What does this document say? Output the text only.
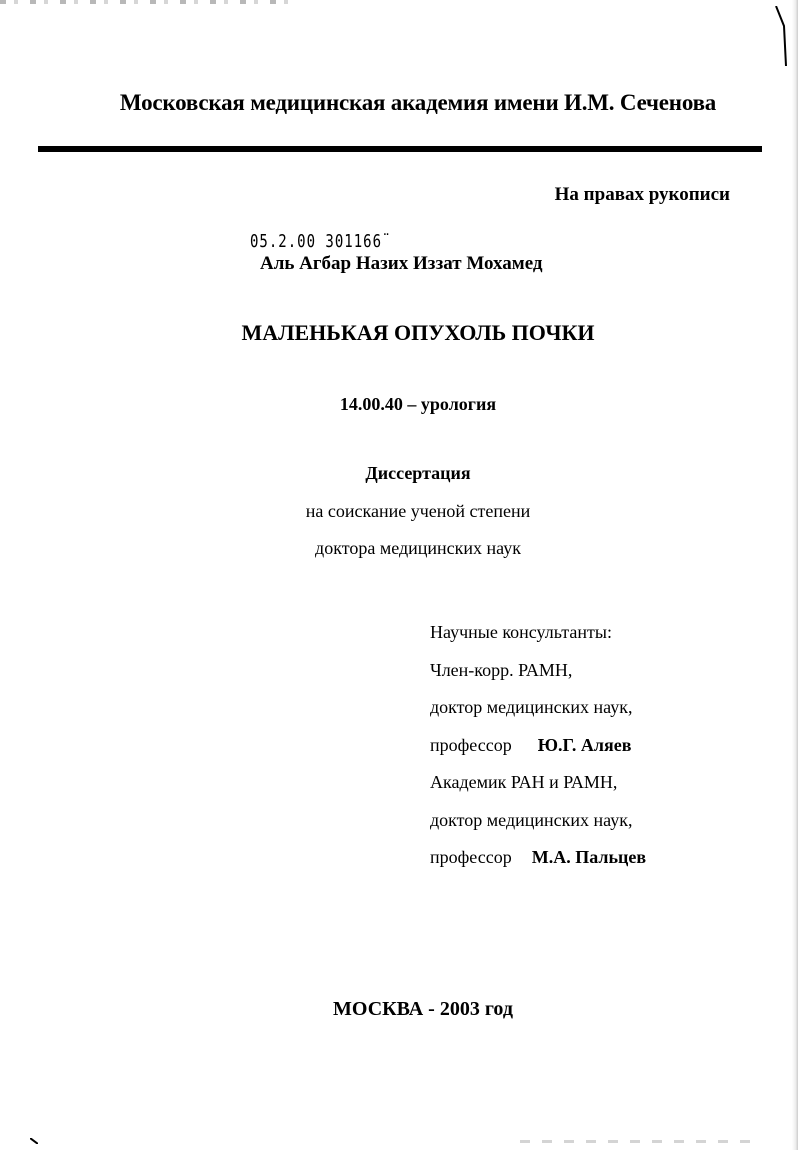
Московская медицинская академия имени И.М. Сеченова
На правах рукописи
05.2.00 301166¨
Аль Агбар Назих Иззат Мохамед
МАЛЕНЬКАЯ ОПУХОЛЬ ПОЧКИ
14.00.40 – урология
Диссертация
на соискание ученой степени
доктора медицинских наук
Научные консультанты:
Член-корр. РАМН,
доктор медицинских наук,
профессор Ю.Г. Аляев
Академик РАН и РАМН,
доктор медицинских наук,
профессор М.А. Пальцев
МОСКВА - 2003 год
